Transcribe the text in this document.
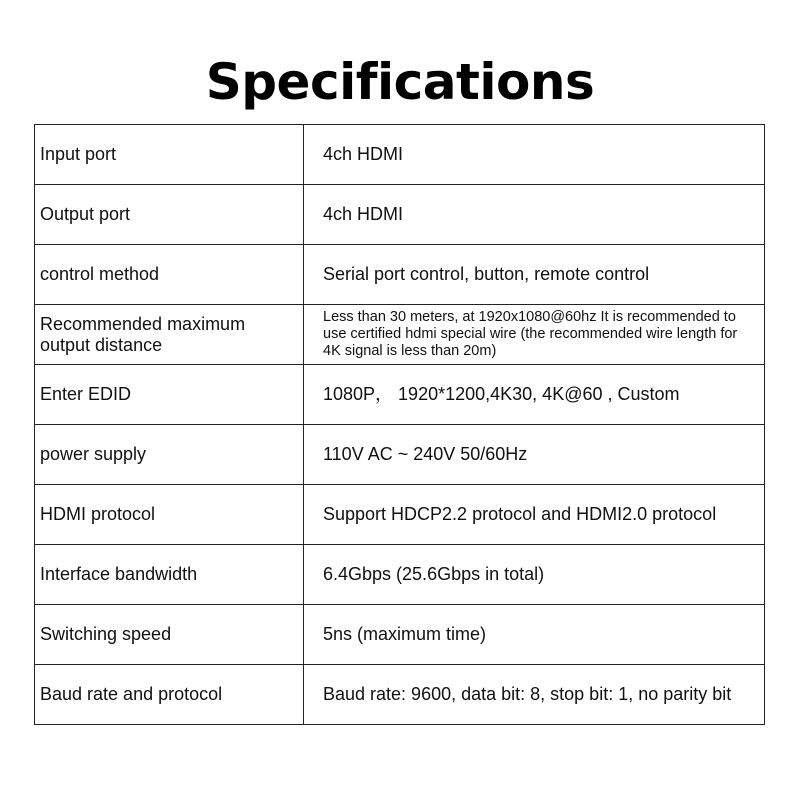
Specifications
Input port	4ch HDMI
Output port	4ch HDMI
control method	Serial port control, button, remote control
Recommended maximum output distance	Less than 30 meters, at 1920x1080@60hz It is recommended to use certified hdmi special wire (the recommended wire length for 4K signal is less than 20m)
Enter EDID	1080P， 1920*1200,4K30, 4K@60 , Custom
power supply	110V AC ~ 240V 50/60Hz
HDMI protocol	Support HDCP2.2 protocol and HDMI2.0 protocol
Interface bandwidth	6.4Gbps (25.6Gbps in total)
Switching speed	5ns (maximum time)
Baud rate and protocol	Baud rate: 9600, data bit: 8, stop bit: 1, no parity bit
